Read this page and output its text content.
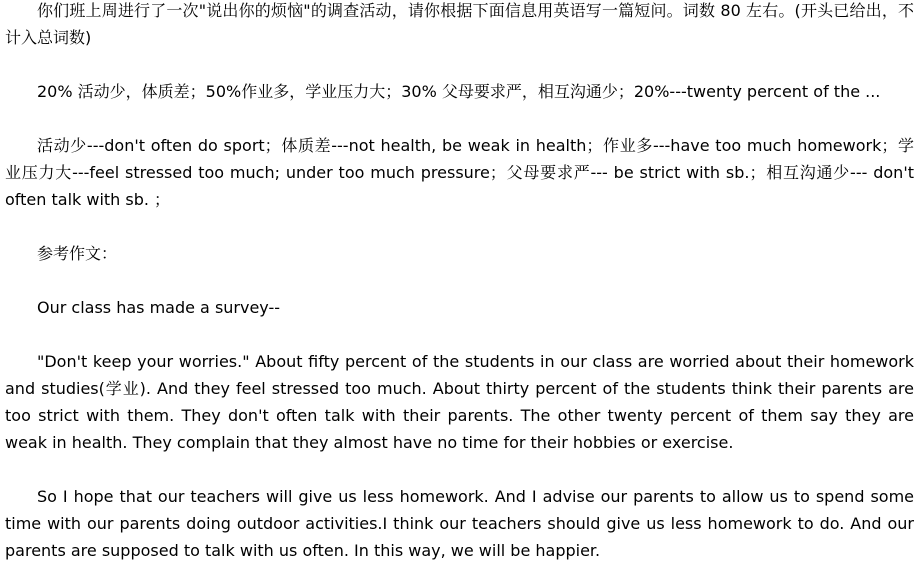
你们班上周进行了一次"说出你的烦恼"的调查活动，请你根据下面信息用英语写一篇短问。词数 80 左右。(开头已给出，不计入总词数)

20% 活动少，体质差；50%作业多，学业压力大；30% 父母要求严，相互沟通少；20%---twenty percent of the ...

活动少---don't often do sport；体质差---not health, be weak in health；作业多---have too much homework；学业压力大---feel stressed too much; under too much pressure；父母要求严--- be strict with sb.；相互沟通少--- don't often talk with sb. ；

参考作文：

Our class has made a survey--

"Don't keep your worries." About fifty percent of the students in our class are worried about their homework and studies(学业). And they feel stressed too much. About thirty percent of the students think their parents are too strict with them. They don't often talk with their parents. The other twenty percent of them say they are weak in health. They complain that they almost have no time for their hobbies or exercise.

So I hope that our teachers will give us less homework. And I advise our parents to allow us to spend some time with our parents doing outdoor activities.I think our teachers should give us less homework to do. And our parents are supposed to talk with us often. In this way, we will be happier.
